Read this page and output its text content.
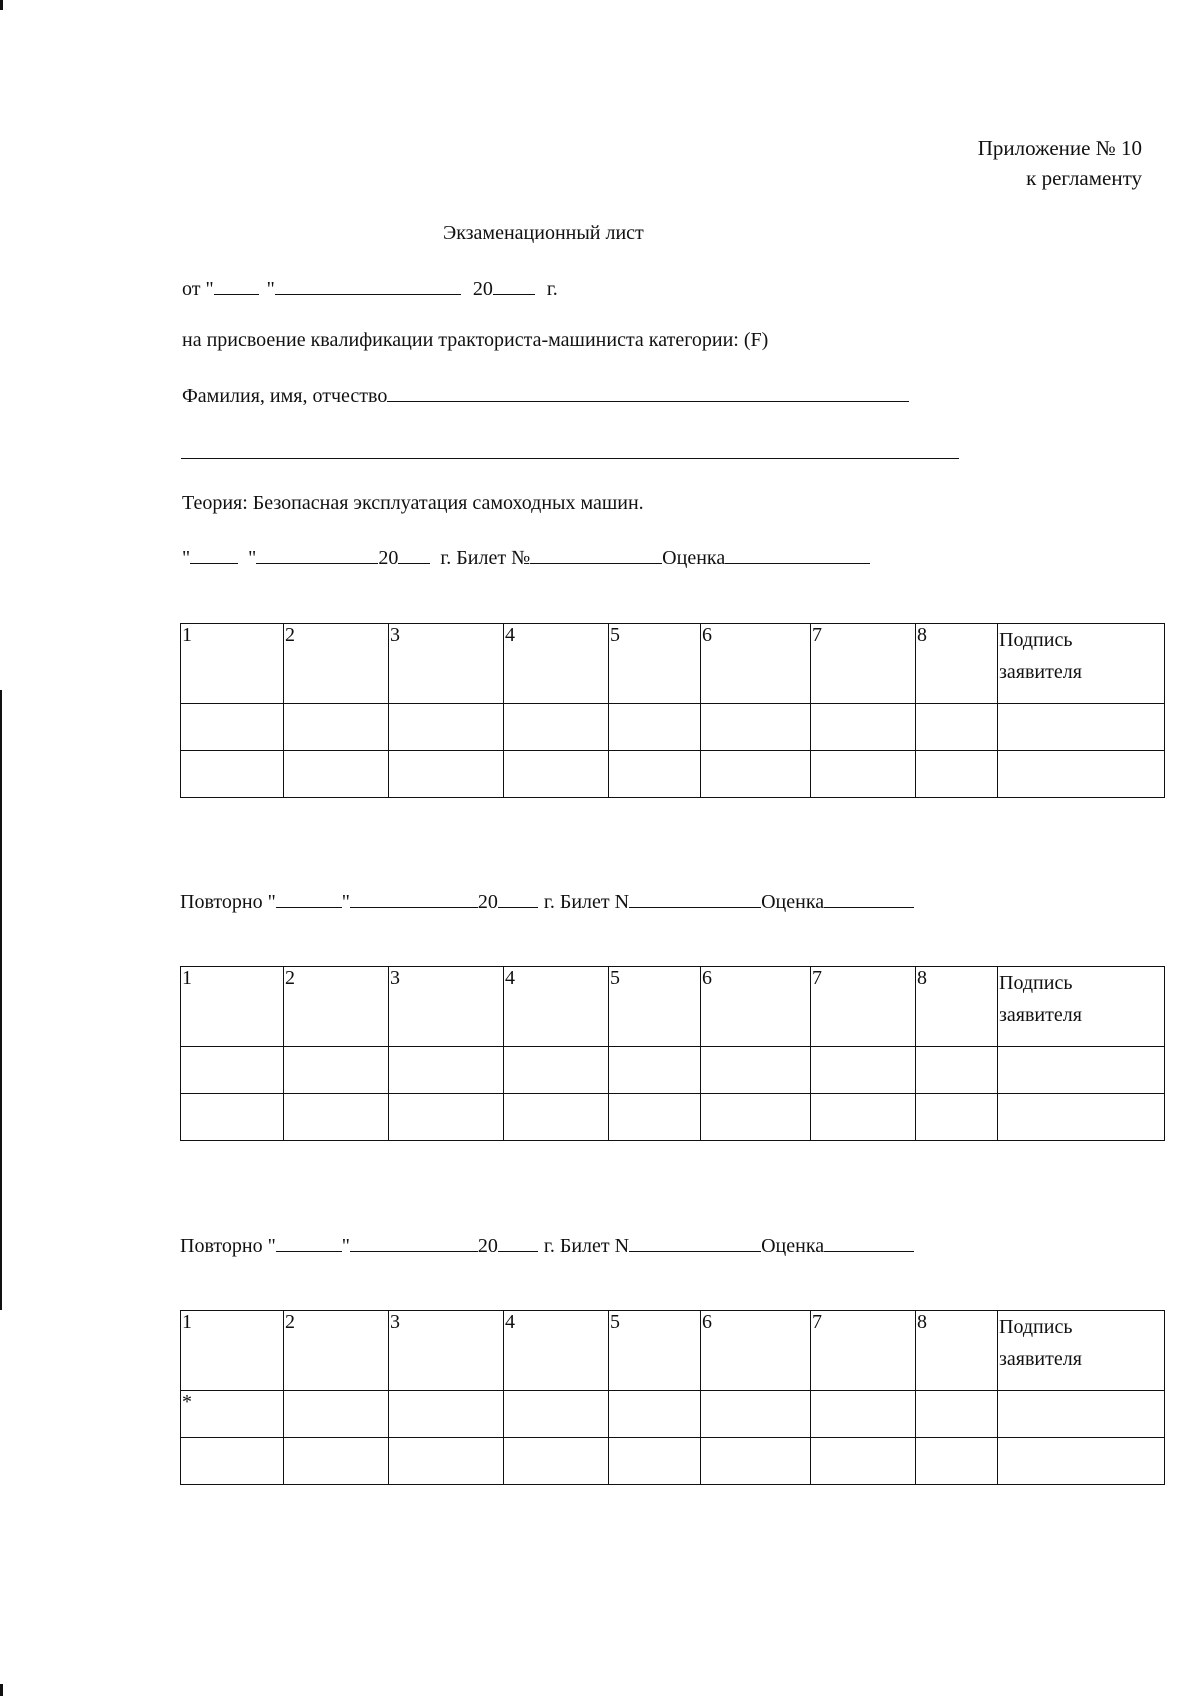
Приложение № 10
к регламенту
Экзаменационный лист
от "	"	20	г.
на присвоение квалификации тракториста-машиниста категории: (F)
Фамилия, имя, отчество
Теория: Безопасная эксплуатация самоходных машин.
"	"	20 г. Билет №	Оценка
1	2	3	4	5	6	7	8	Подпись
заявителя

Повторно "	"	20 г. Билет N	Оценка
1	2	3	4	5	6	7	8	Подпись
заявителя

Повторно "	"	20 г. Билет N	Оценка
1	2	3	4	5	6	7	8	Подпись
заявителя

*								
